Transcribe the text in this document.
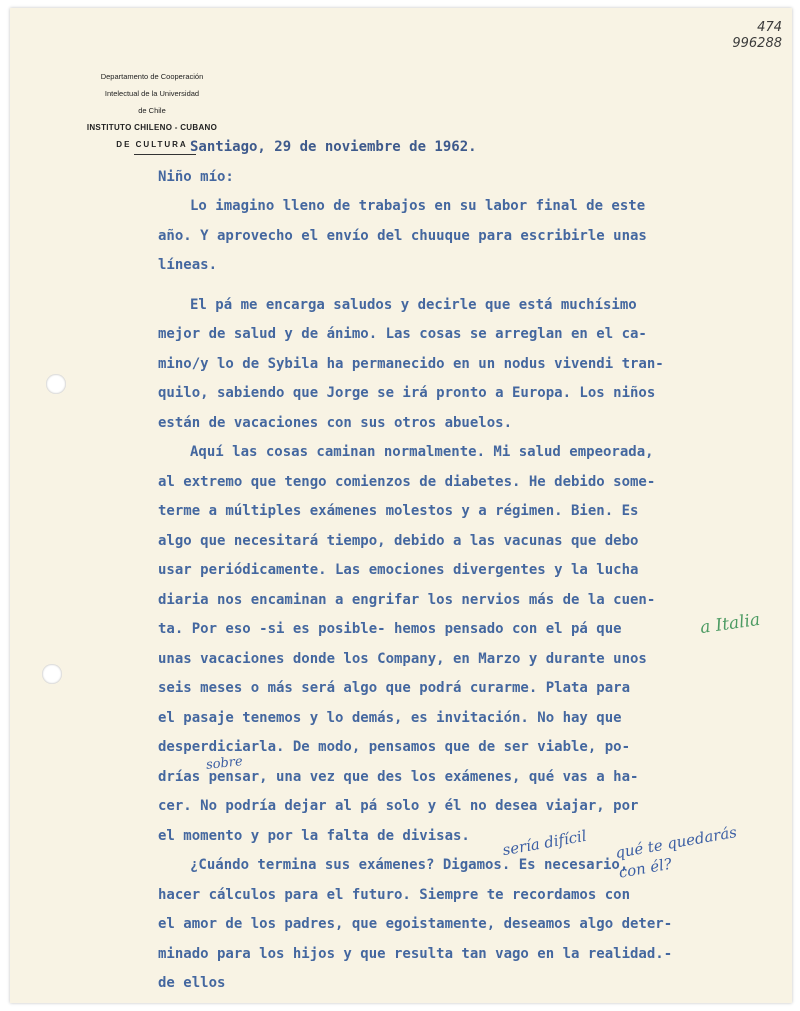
474
996288
Departamento de Cooperación
Intelectual de la Universidad
de Chile
INSTITUTO CHILENO - CUBANO
DE CULTURA Santiago, 29 de noviembre de 1962.
Niño mío:
Lo imagino lleno de trabajos en su labor final de este
año. Y aprovecho el envío del chuuque para escribirle unas
líneas.
El pá me encarga saludos y decirle que está muchísimo
mejor de salud y de ánimo. Las cosas se arreglan en el ca-
mino/y lo de Sybila ha permanecido en un nodus vivendi tran-
quilo, sabiendo que Jorge se irá pronto a Europa. Los niños
están de vacaciones con sus otros abuelos.
Aquí las cosas caminan normalmente. Mi salud empeorada,
al extremo que tengo comienzos de diabetes. He debido some-
terme a múltiples exámenes molestos y a régimen. Bien. Es
algo que necesitará tiempo, debido a las vacunas que debo
usar periódicamente. Las emociones divergentes y la lucha
diaria nos encaminan a engrifar los nervios más de la cuen-
ta. Por eso -si es posible- hemos pensado con el pá que
unas vacaciones donde los Company, en Marzo y durante unos
seis meses o más será algo que podrá curarme. Plata para
el pasaje tenemos y lo demás, es invitación. No hay que
desperdiciarla. De modo, pensamos que de ser viable, po-
drías pensar, una vez que des los exámenes, qué vas a ha-
cer. No podría dejar al pá solo y él no desea viajar, por
el momento y por la falta de divisas.
¿Cuándo termina sus exámenes? Digamos. Es necesario,
hacer cálculos para el futuro. Siempre te recordamos con
el amor de los padres, que egoistamente, deseamos algo deter-
minado para los hijos y que resulta tan vago en la realidad.-
de ellos
a Italia
sobre
sería difícil qué te quedarás con él?
